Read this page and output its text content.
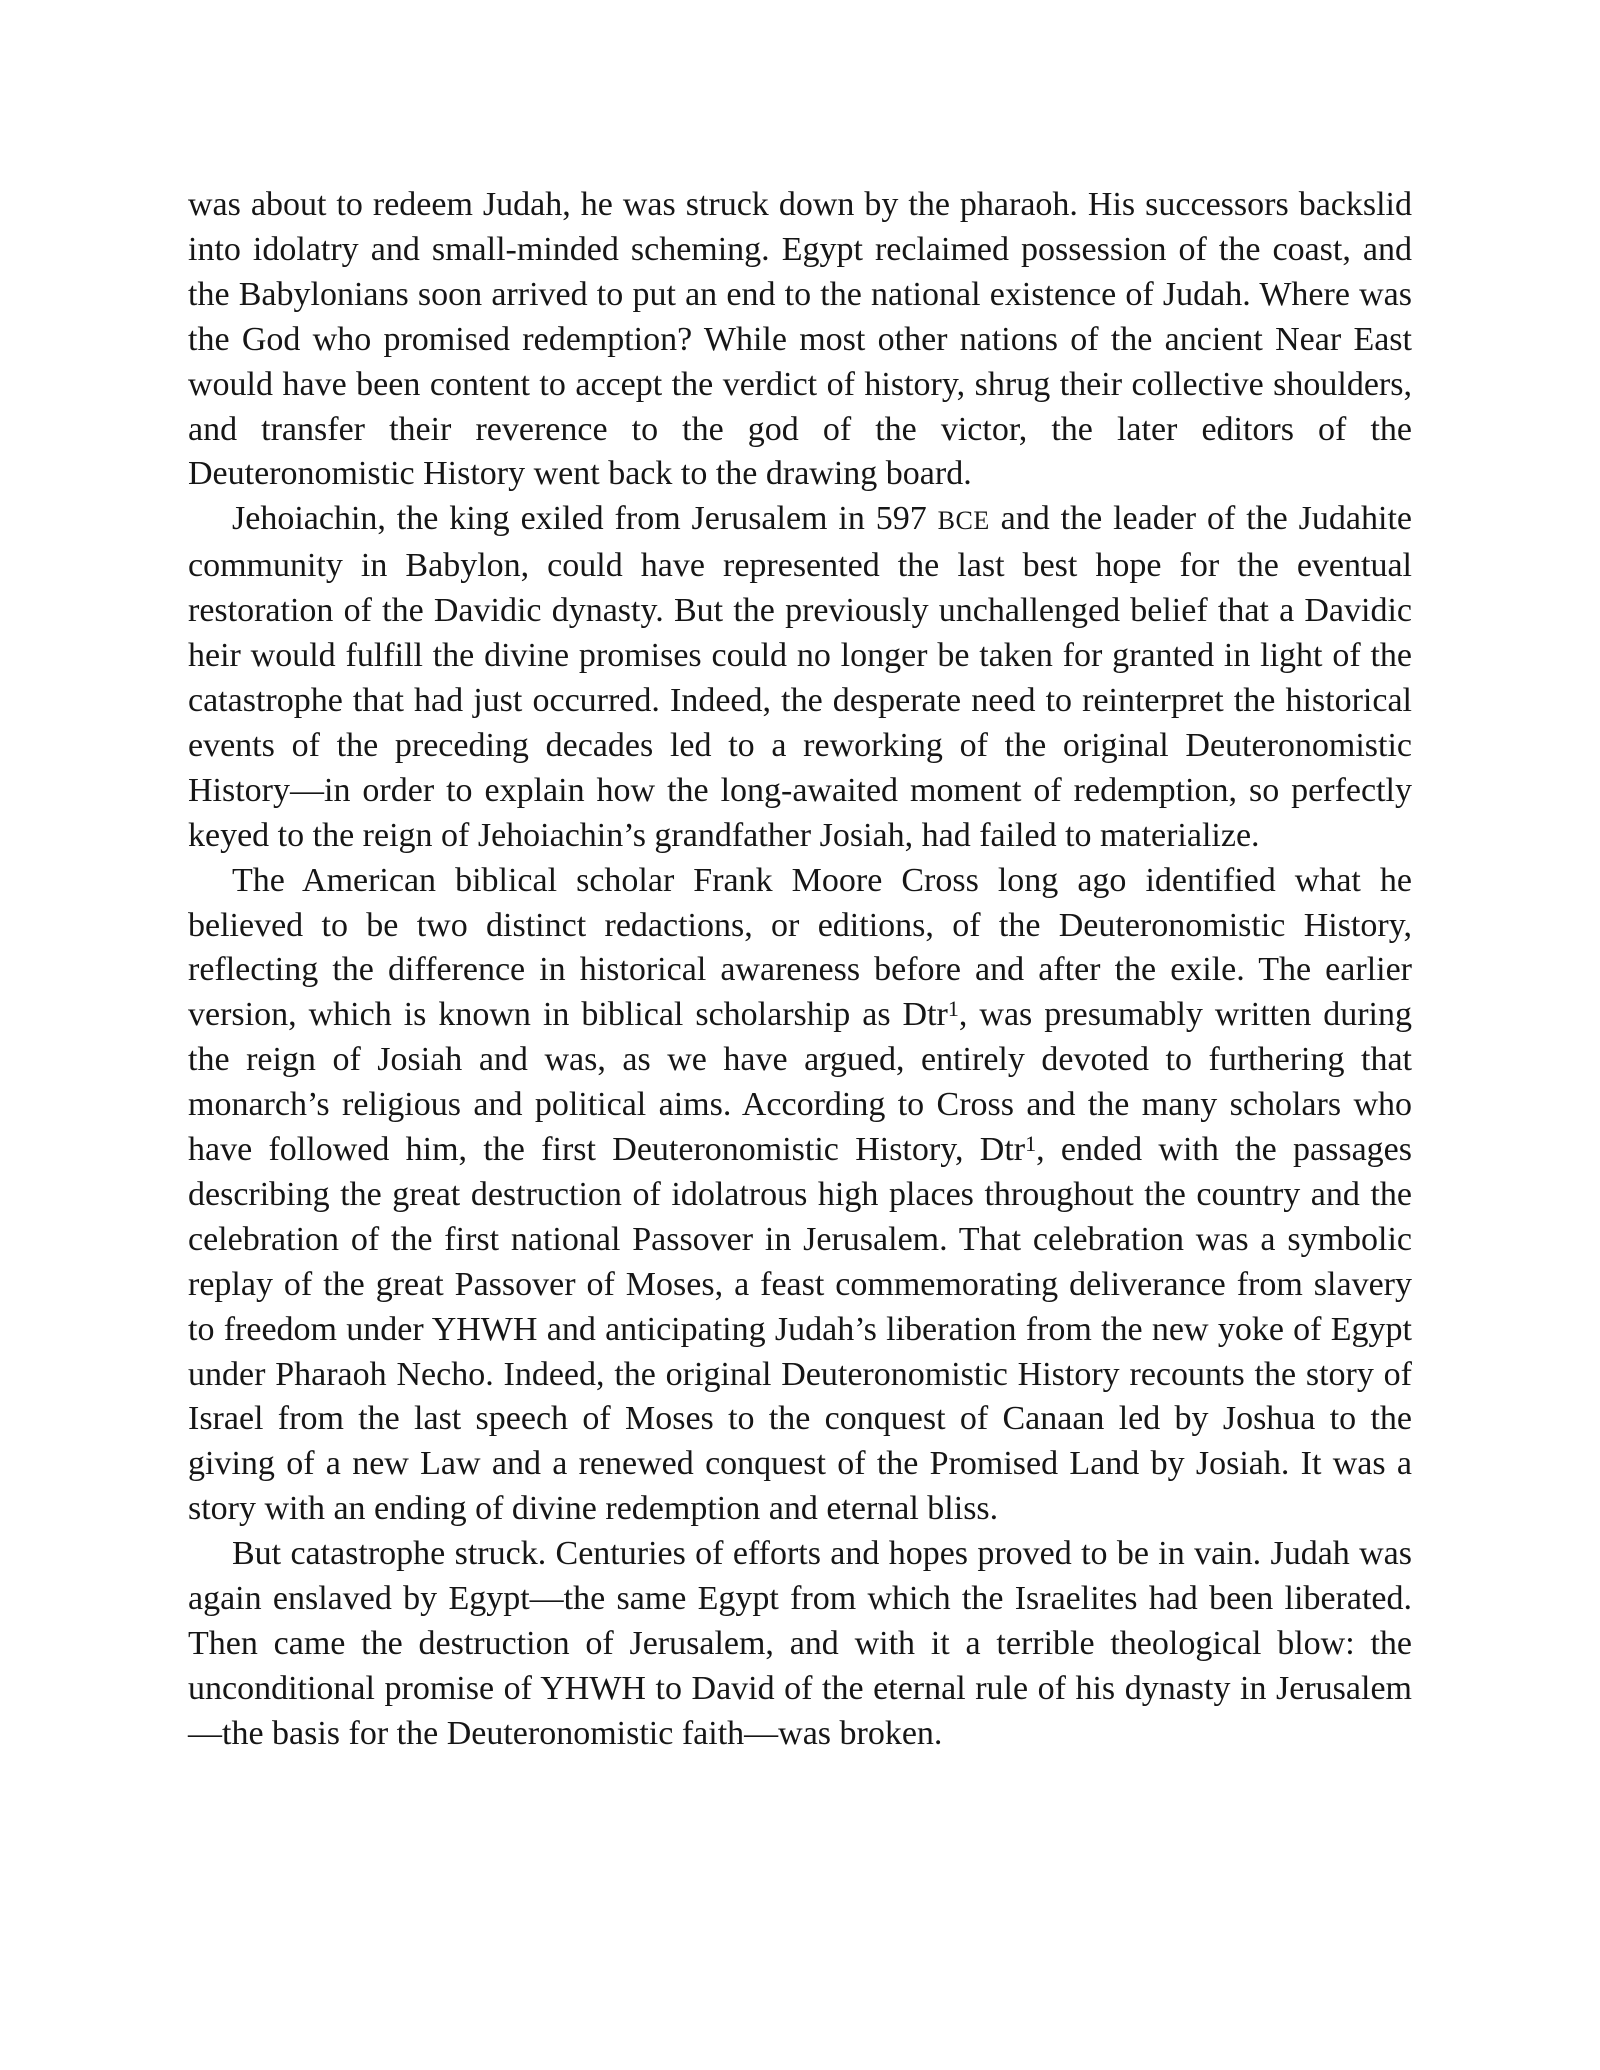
was about to redeem Judah, he was struck down by the pharaoh. His successors backslid into idolatry and small-minded scheming. Egypt reclaimed possession of the coast, and the Babylonians soon arrived to put an end to the national existence of Judah. Where was the God who promised redemption? While most other nations of the ancient Near East would have been content to accept the verdict of history, shrug their collective shoulders, and transfer their reverence to the god of the victor, the later editors of the Deuteronomistic History went back to the drawing board.

Jehoiachin, the king exiled from Jerusalem in 597 BCE and the leader of the Judahite community in Babylon, could have represented the last best hope for the eventual restoration of the Davidic dynasty. But the previously unchallenged belief that a Davidic heir would fulfill the divine promises could no longer be taken for granted in light of the catastrophe that had just occurred. Indeed, the desperate need to reinterpret the historical events of the preceding decades led to a reworking of the original Deuteronomistic History—in order to explain how the long-awaited moment of redemption, so perfectly keyed to the reign of Jehoiachin’s grandfather Josiah, had failed to materialize.

The American biblical scholar Frank Moore Cross long ago identified what he believed to be two distinct redactions, or editions, of the Deuteronomistic History, reflecting the difference in historical awareness before and after the exile. The earlier version, which is known in biblical scholarship as Dtr$^1$, was presumably written during the reign of Josiah and was, as we have argued, entirely devoted to furthering that monarch’s religious and political aims. According to Cross and the many scholars who have followed him, the first Deuteronomistic History, Dtr$^1$, ended with the passages describing the great destruction of idolatrous high places throughout the country and the celebration of the first national Passover in Jerusalem. That celebration was a symbolic replay of the great Passover of Moses, a feast commemorating deliverance from slavery to freedom under YHWH and anticipating Judah’s liberation from the new yoke of Egypt under Pharaoh Necho. Indeed, the original Deuteronomistic History recounts the story of Israel from the last speech of Moses to the conquest of Canaan led by Joshua to the giving of a new Law and a renewed conquest of the Promised Land by Josiah. It was a story with an ending of divine redemption and eternal bliss.

But catastrophe struck. Centuries of efforts and hopes proved to be in vain. Judah was again enslaved by Egypt—the same Egypt from which the Israelites had been liberated. Then came the destruction of Jerusalem, and with it a terrible theological blow: the unconditional promise of YHWH to David of the eternal rule of his dynasty in Jerusalem—the basis for the Deuteronomistic faith—was broken.
